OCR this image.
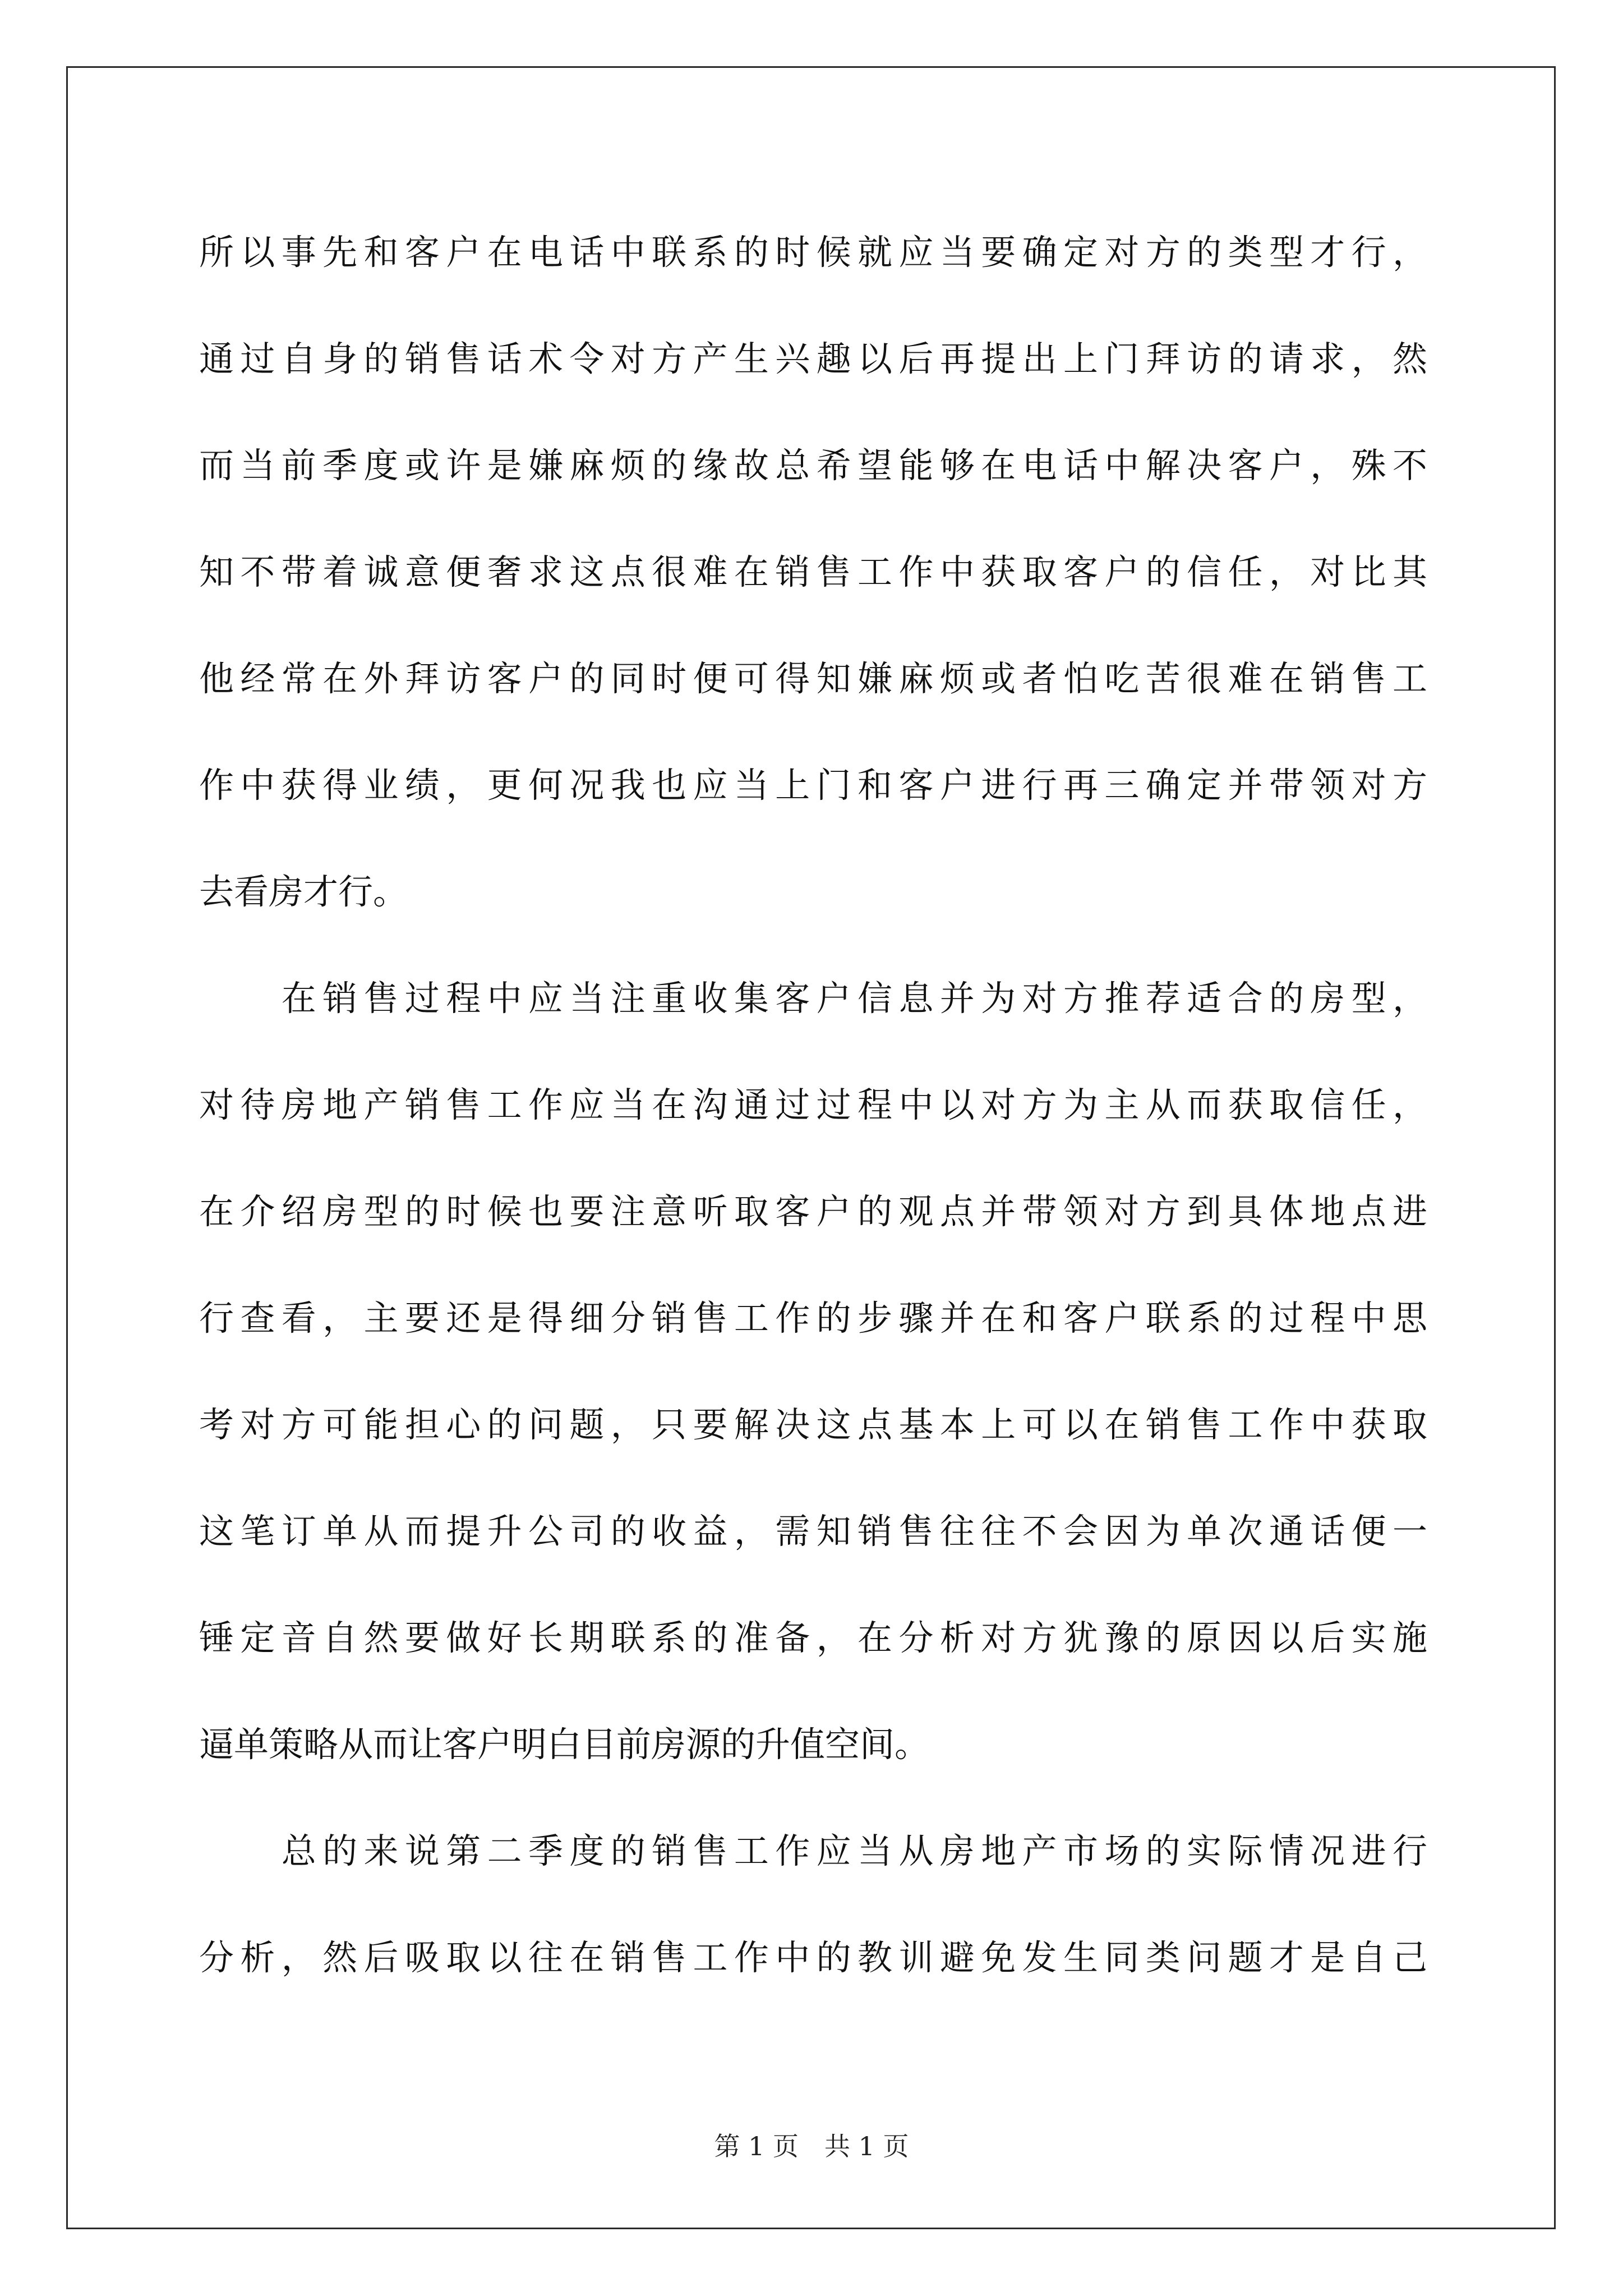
所以事先和客户在电话中联系的时候就应当要确定对方的类型才行，
通过自身的销售话术令对方产生兴趣以后再提出上门拜访的请求，然
而当前季度或许是嫌麻烦的缘故总希望能够在电话中解决客户，殊不
知不带着诚意便奢求这点很难在销售工作中获取客户的信任，对比其
他经常在外拜访客户的同时便可得知嫌麻烦或者怕吃苦很难在销售工
作中获得业绩，更何况我也应当上门和客户进行再三确定并带领对方
去看房才行。
　　在销售过程中应当注重收集客户信息并为对方推荐适合的房型，
对待房地产销售工作应当在沟通过过程中以对方为主从而获取信任，
在介绍房型的时候也要注意听取客户的观点并带领对方到具体地点进
行查看，主要还是得细分销售工作的步骤并在和客户联系的过程中思
考对方可能担心的问题，只要解决这点基本上可以在销售工作中获取
这笔订单从而提升公司的收益，需知销售往往不会因为单次通话便一
锤定音自然要做好长期联系的准备，在分析对方犹豫的原因以后实施
逼单策略从而让客户明白目前房源的升值空间。
　　总的来说第二季度的销售工作应当从房地产市场的实际情况进行
分析，然后吸取以往在销售工作中的教训避免发生同类问题才是自己
第 1 页 共 1 页
